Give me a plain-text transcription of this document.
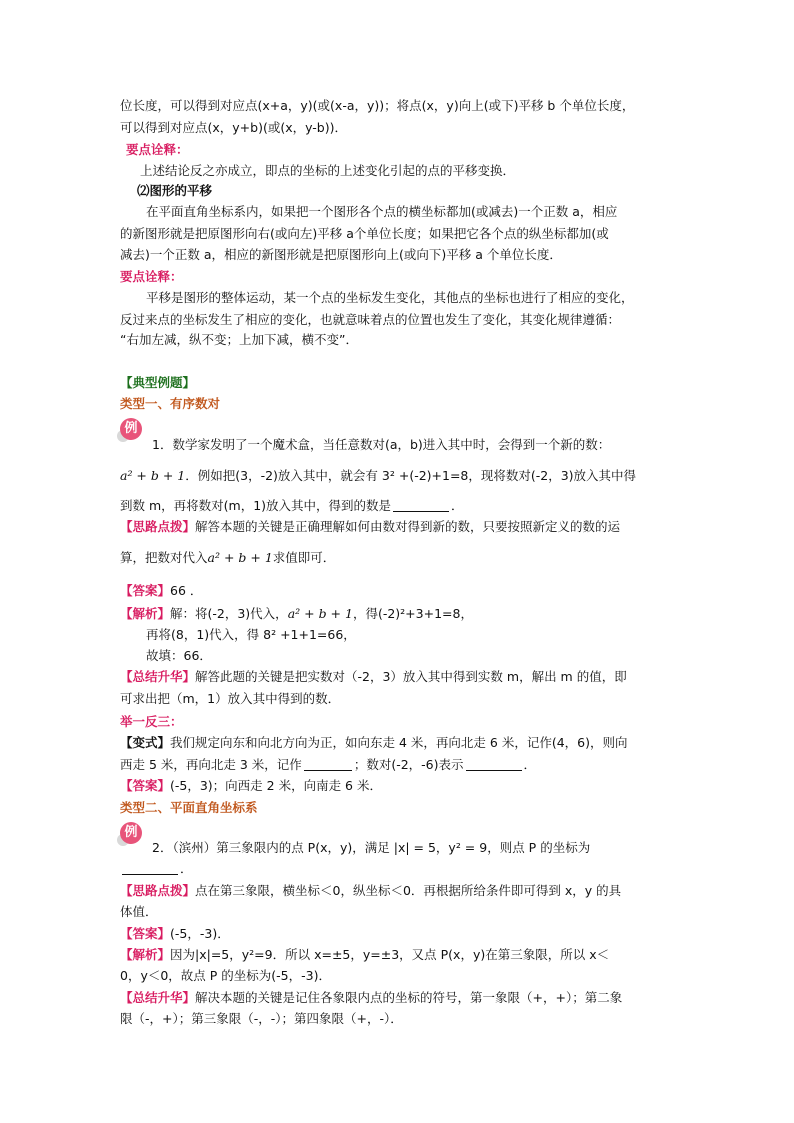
位长度，可以得到对应点(x+a，y)(或(x-a，y))；将点(x，y)向上(或下)平移 b 个单位长度，
可以得到对应点(x，y+b)(或(x，y-b))．
要点诠释：
上述结论反之亦成立，即点的坐标的上述变化引起的点的平移变换．
⑵图形的平移
在平面直角坐标系内，如果把一个图形各个点的横坐标都加(或减去)一个正数 a，相应
的新图形就是把原图形向右(或向左)平移 a个单位长度；如果把它各个点的纵坐标都加(或
减去)一个正数 a，相应的新图形就是把原图形向上(或向下)平移 a 个单位长度．
要点诠释：
平移是图形的整体运动，某一个点的坐标发生变化，其他点的坐标也进行了相应的变化，
反过来点的坐标发生了相应的变化，也就意味着点的位置也发生了变化，其变化规律遵循：
“右加左减，纵不变；上加下减，横不变”．
【典型例题】
类型一、有序数对
例
1．数学家发明了一个魔术盒，当任意数对(a，b)进入其中时，会得到一个新的数：
a² + b + 1．例如把(3，-2)放入其中，就会有 3² +(-2)+1=8，现将数对(-2，3)放入其中得
到数 m，再将数对(m，1)放入其中，得到的数是	．
【思路点拨】解答本题的关键是正确理解如何由数对得到新的数，只要按照新定义的数的运
算，把数对代入a² + b + 1求值即可．
【答案】66 ．
【解析】解：将(-2，3)代入，a² + b + 1，得(-2)²+3+1=8，
再将(8，1)代入，得 8² +1+1=66，
故填：66．
【总结升华】解答此题的关键是把实数对（-2，3）放入其中得到实数 m，解出 m 的值，即
可求出把（m，1）放入其中得到的数．
举一反三：
【变式】我们规定向东和向北方向为正，如向东走 4 米，再向北走 6 米，记作(4，6)，则向
西走 5 米，再向北走 3 米，记作	；数对(-2，-6)表示	．
【答案】(-5，3)；向西走 2 米，向南走 6 米．
类型二、平面直角坐标系
例
2．（滨州）第三象限内的点 P(x，y)，满足 |x| = 5，y² = 9，则点 P 的坐标为
．
【思路点拨】点在第三象限，横坐标＜0，纵坐标＜0．再根据所给条件即可得到 x，y 的具
体值．
【答案】(-5，-3)．
【解析】因为|x|=5，y²=9．所以 x=±5，y=±3，又点 P(x，y)在第三象限，所以 x＜
0，y＜0，故点 P 的坐标为(-5，-3)．
【总结升华】解决本题的关键是记住各象限内点的坐标的符号，第一象限（+，+）；第二象
限（-，+）；第三象限（-，-）；第四象限（+，-）．
